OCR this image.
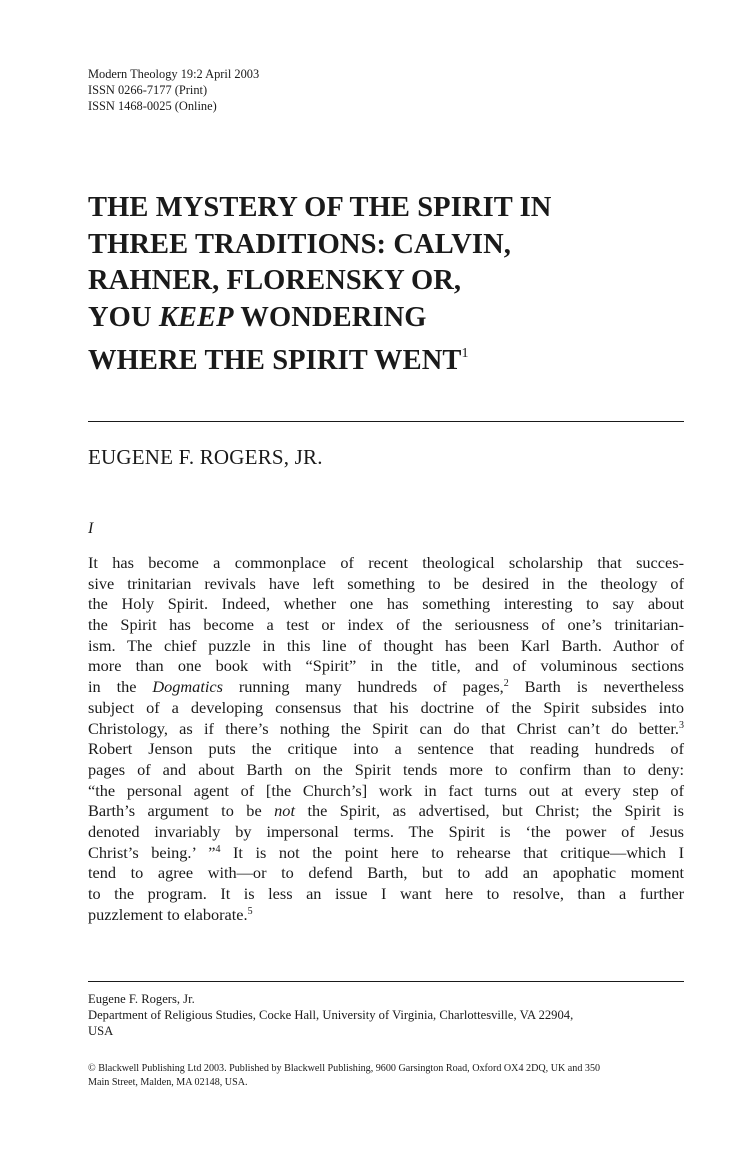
Modern Theology 19:2 April 2003
ISSN 0266-7177 (Print)
ISSN 1468-0025 (Online)
THE MYSTERY OF THE SPIRIT IN
THREE TRADITIONS: CALVIN,
RAHNER, FLORENSKY OR,
YOU KEEP WONDERING
WHERE THE SPIRIT WENT$^1$
EUGENE F. ROGERS, JR.
I
It has become a commonplace of recent theological scholarship that succes-
sive trinitarian revivals have left something to be desired in the theology of
the Holy Spirit. Indeed, whether one has something interesting to say about
the Spirit has become a test or index of the seriousness of one’s trinitarian-
ism. The chief puzzle in this line of thought has been Karl Barth. Author of
more than one book with “Spirit” in the title, and of voluminous sections
in the Dogmatics running many hundreds of pages,$^2$ Barth is nevertheless
subject of a developing consensus that his doctrine of the Spirit subsides into
Christology, as if there’s nothing the Spirit can do that Christ can’t do better.$^3$
Robert Jenson puts the critique into a sentence that reading hundreds of
pages of and about Barth on the Spirit tends more to confirm than to deny:
“the personal agent of [the Church’s] work in fact turns out at every step of
Barth’s argument to be not the Spirit, as advertised, but Christ; the Spirit is
denoted invariably by impersonal terms. The Spirit is ‘the power of Jesus
Christ’s being.’ ”$^4$ It is not the point here to rehearse that critique—which I
tend to agree with—or to defend Barth, but to add an apophatic moment
to the program. It is less an issue I want here to resolve, than a further
puzzlement to elaborate.$^5$
Eugene F. Rogers, Jr.
Department of Religious Studies, Cocke Hall, University of Virginia, Charlottesville, VA 22904,
USA
© Blackwell Publishing Ltd 2003. Published by Blackwell Publishing, 9600 Garsington Road, Oxford OX4 2DQ, UK and 350
Main Street, Malden, MA 02148, USA.
